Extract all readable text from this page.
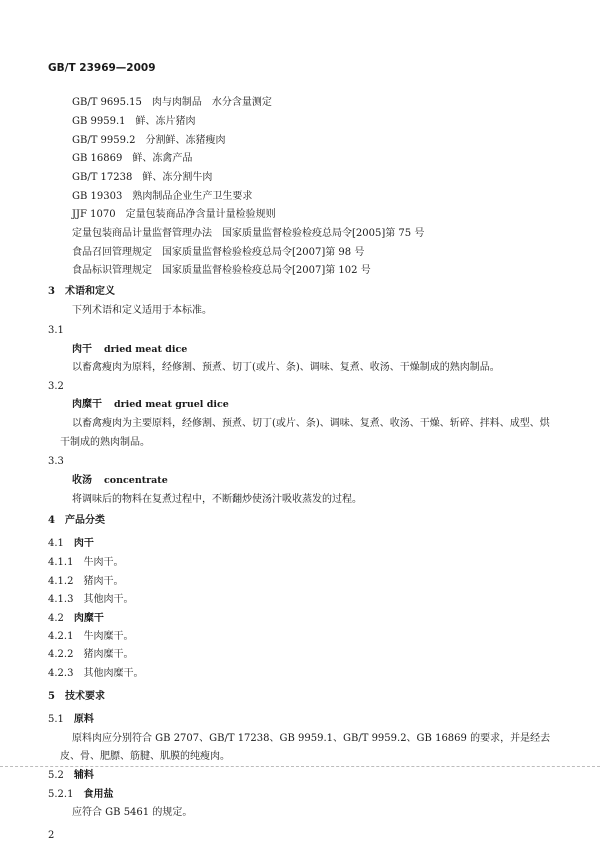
GB/T 23969—2009
GB/T 9695.15 肉与肉制品　水分含量测定
GB 9959.1 鲜、冻片猪肉
GB/T 9959.2 分割鲜、冻猪瘦肉
GB 16869 鲜、冻禽产品
GB/T 17238 鲜、冻分割牛肉
GB 19303 熟肉制品企业生产卫生要求
JJF 1070 定量包装商品净含量计量检验规则
定量包装商品计量监督管理办法 国家质量监督检验检疫总局令[2005]第 75 号
食品召回管理规定 国家质量监督检验检疫总局令[2007]第 98 号
食品标识管理规定 国家质量监督检验检疫总局令[2007]第 102 号
3　术语和定义
下列术语和定义适用于本标准。
3.1
肉干 dried meat dice
以畜禽瘦肉为原料，经修割、预煮、切丁(或片、条)、调味、复煮、收汤、干燥制成的熟肉制品。
3.2
肉糜干 dried meat gruel dice
以畜禽瘦肉为主要原料，经修割、预煮、切丁(或片、条)、调味、复煮、收汤、干燥、斩碎、拌料、成型、烘
干制成的熟肉制品。
3.3
收汤 concentrate
将调味后的物料在复煮过程中，不断翻炒使汤汁吸收蒸发的过程。
4　产品分类
4.1 肉干
4.1.1 牛肉干。
4.1.2 猪肉干。
4.1.3 其他肉干。
4.2 肉糜干
4.2.1 牛肉糜干。
4.2.2 猪肉糜干。
4.2.3 其他肉糜干。
5　技术要求
5.1 原料
原料肉应分别符合 GB 2707、GB/T 17238、GB 9959.1、GB/T 9959.2、GB 16869 的要求，并是经去
皮、骨、肥膘、筋腱、肌膜的纯瘦肉。
5.2 辅料
5.2.1 食用盐
应符合 GB 5461 的规定。
2
